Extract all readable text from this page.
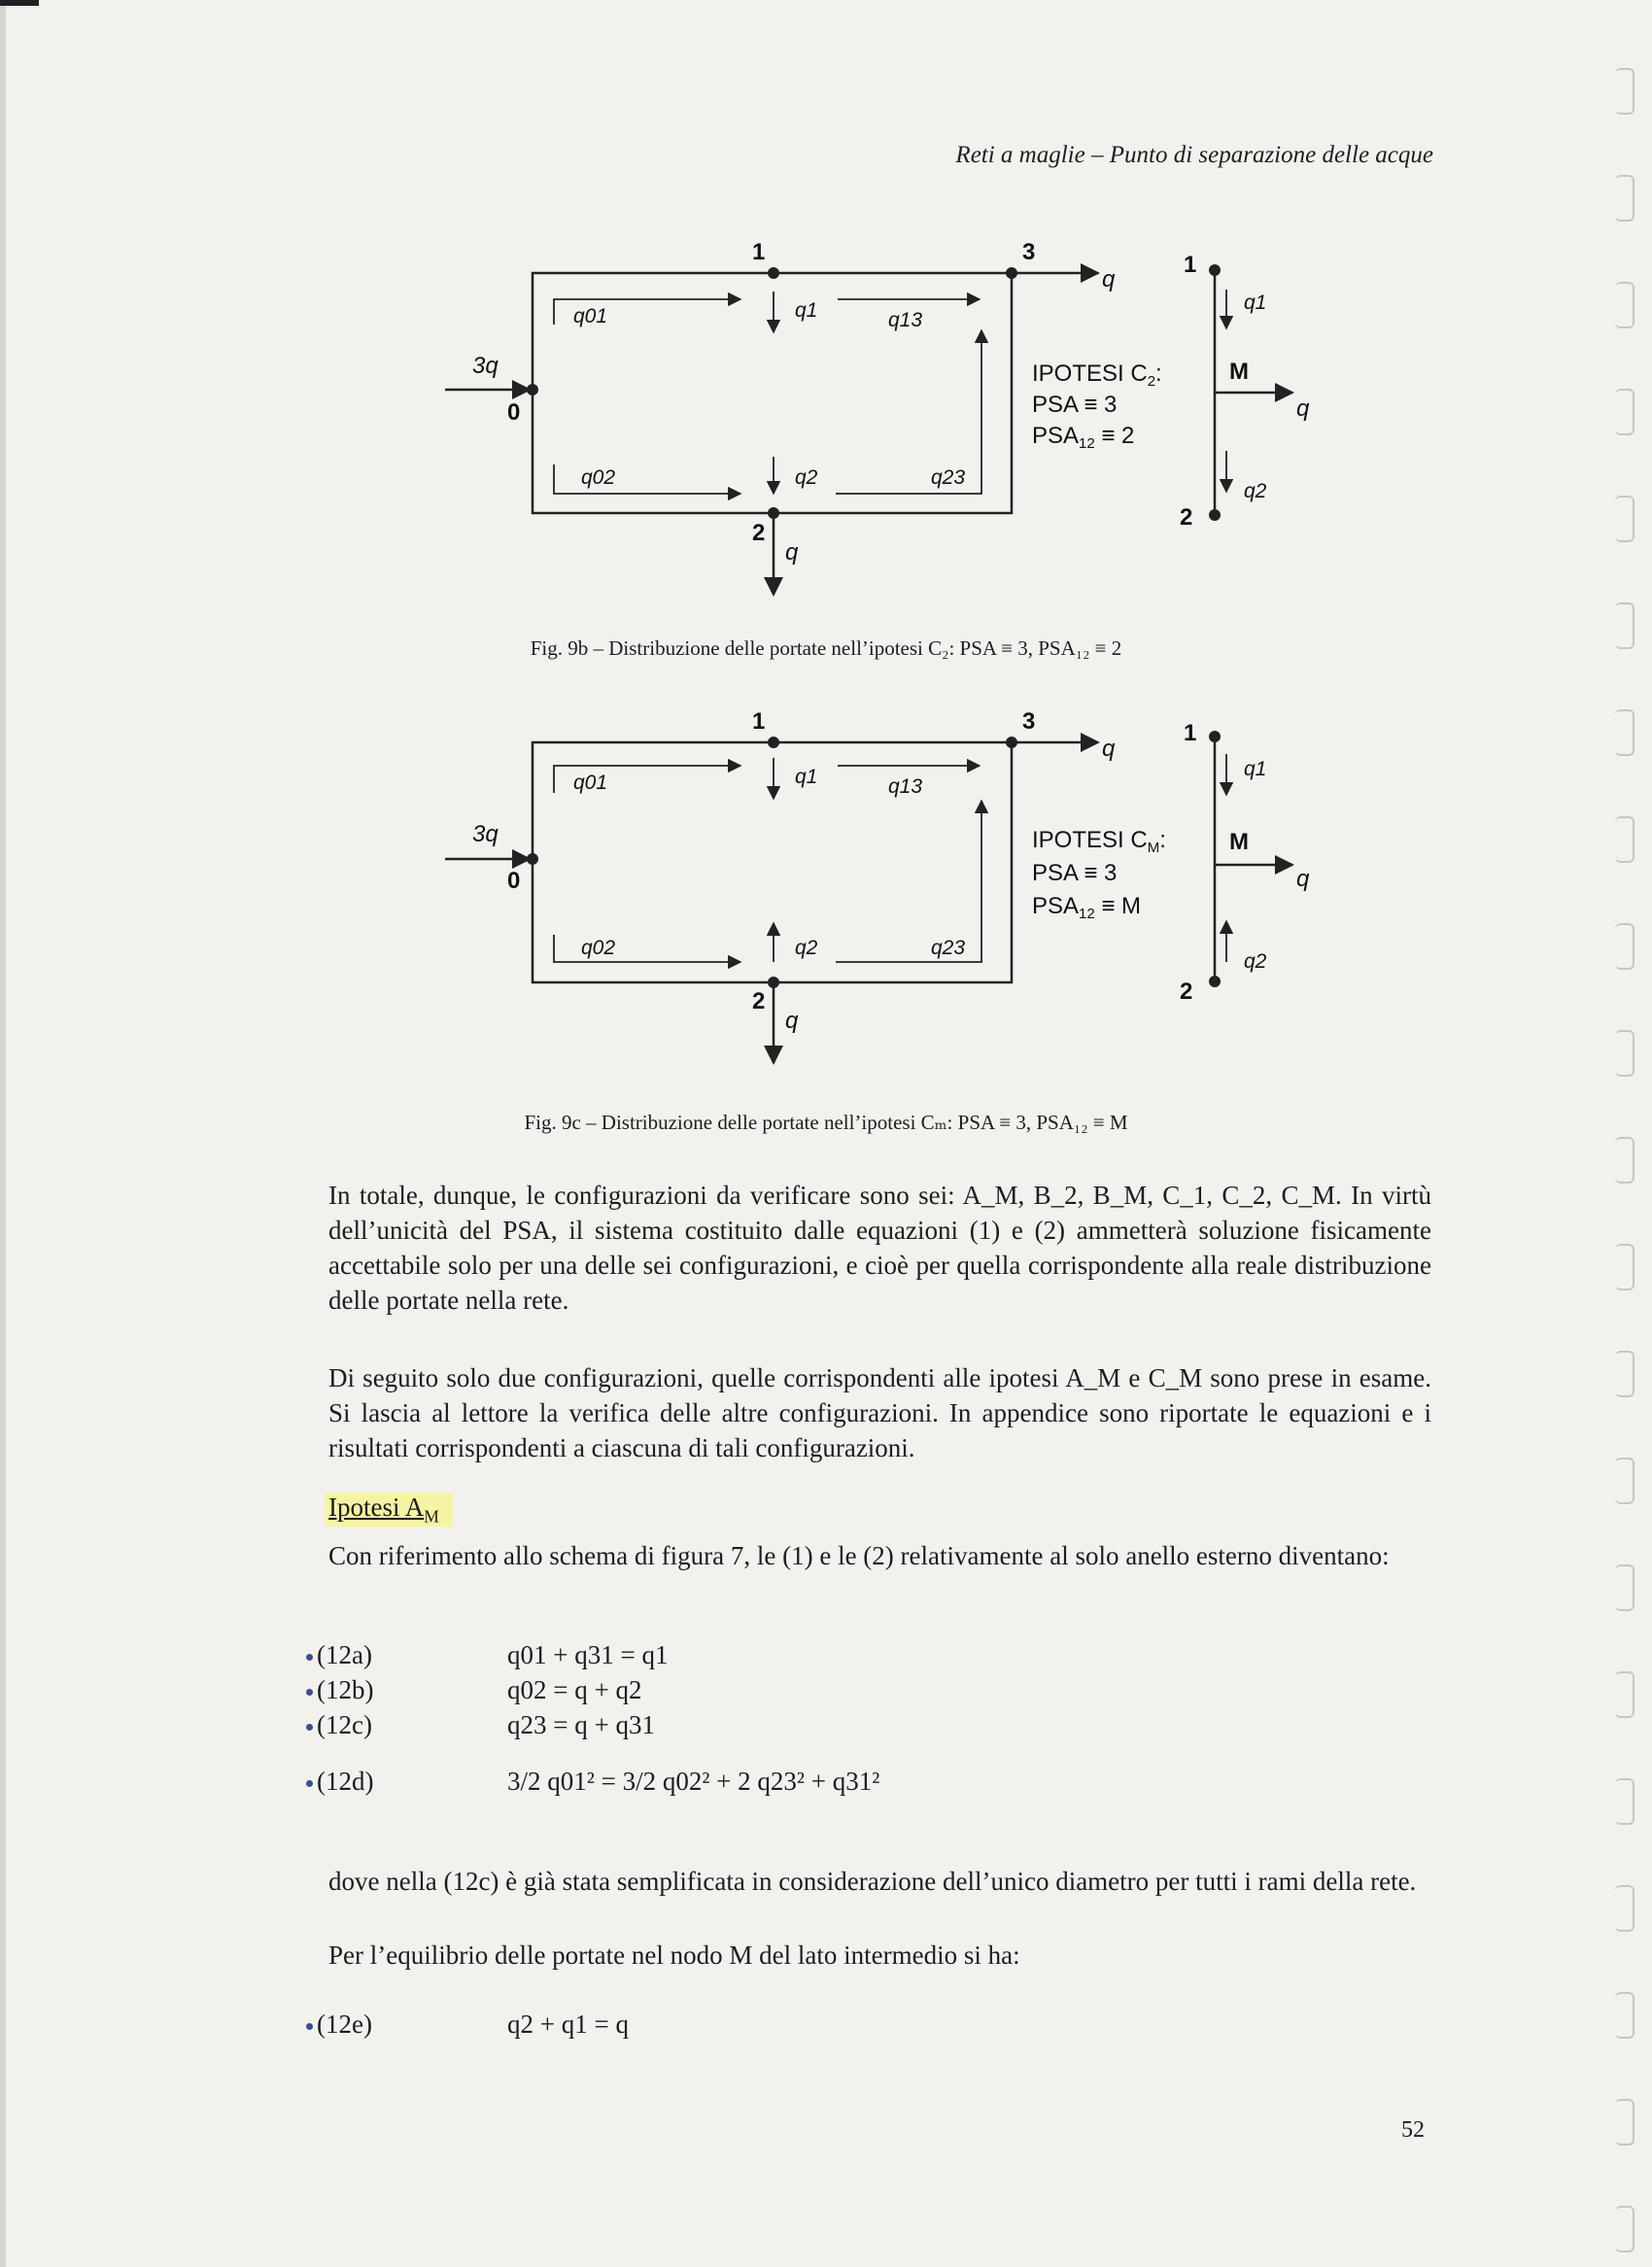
Reti a maglie – Punto di separazione delle acque
0
1	3
2
1
2
M
3q
q
q
q
q01	q1	q13
q02	q2	q23
q1
q2
IPOTESI $C_2$:
PSA ≡ 3
$PSA_{12} \equiv 2$
Fig. 9b – Distribuzione delle portate nell’ipotesi C₂: PSA ≡ 3, PSA₁₂ ≡ 2
0
1	3
2
1
2
M
3q
q
q
q
q01	q1	q13
q02	q2	q23
q1
q2
IPOTESI $C_M$:
PSA ≡ 3
$PSA_{12} \equiv M$
Fig. 9c – Distribuzione delle portate nell’ipotesi Cₘ: PSA ≡ 3, PSA₁₂ ≡ M
In totale, dunque, le configurazioni da verificare sono sei: A_M, B_2, B_M, C_1, C_2, C_M. In virtù dell’unicità del PSA, il sistema costituito dalle equazioni (1) e (2) ammetterà soluzione fisicamente accettabile solo per una delle sei configurazioni, e cioè per quella corrispondente alla reale distribuzione delle portate nella rete.
Di seguito solo due configurazioni, quelle corrispondenti alle ipotesi A_M e C_M sono prese in esame. Si lascia al lettore la verifica delle altre configurazioni. In appendice sono riportate le equazioni e i risultati corrispondenti a ciascuna di tali configurazioni.
Ipotesi $A_M$
Con riferimento allo schema di figura 7, le (1) e le (2) relativamente al solo anello esterno diventano:
(12a)	q01 + q31 = q1
(12b)	q02 = q + q2
(12c)	q23 = q + q31
(12d)	3/2 q01² = 3/2 q02² + 2 q23² + q31²
dove nella (12c) è già stata semplificata in considerazione dell’unico diametro per tutti i rami della rete.
Per l’equilibrio delle portate nel nodo M del lato intermedio si ha:
(12e)	q2 + q1 = q
52
